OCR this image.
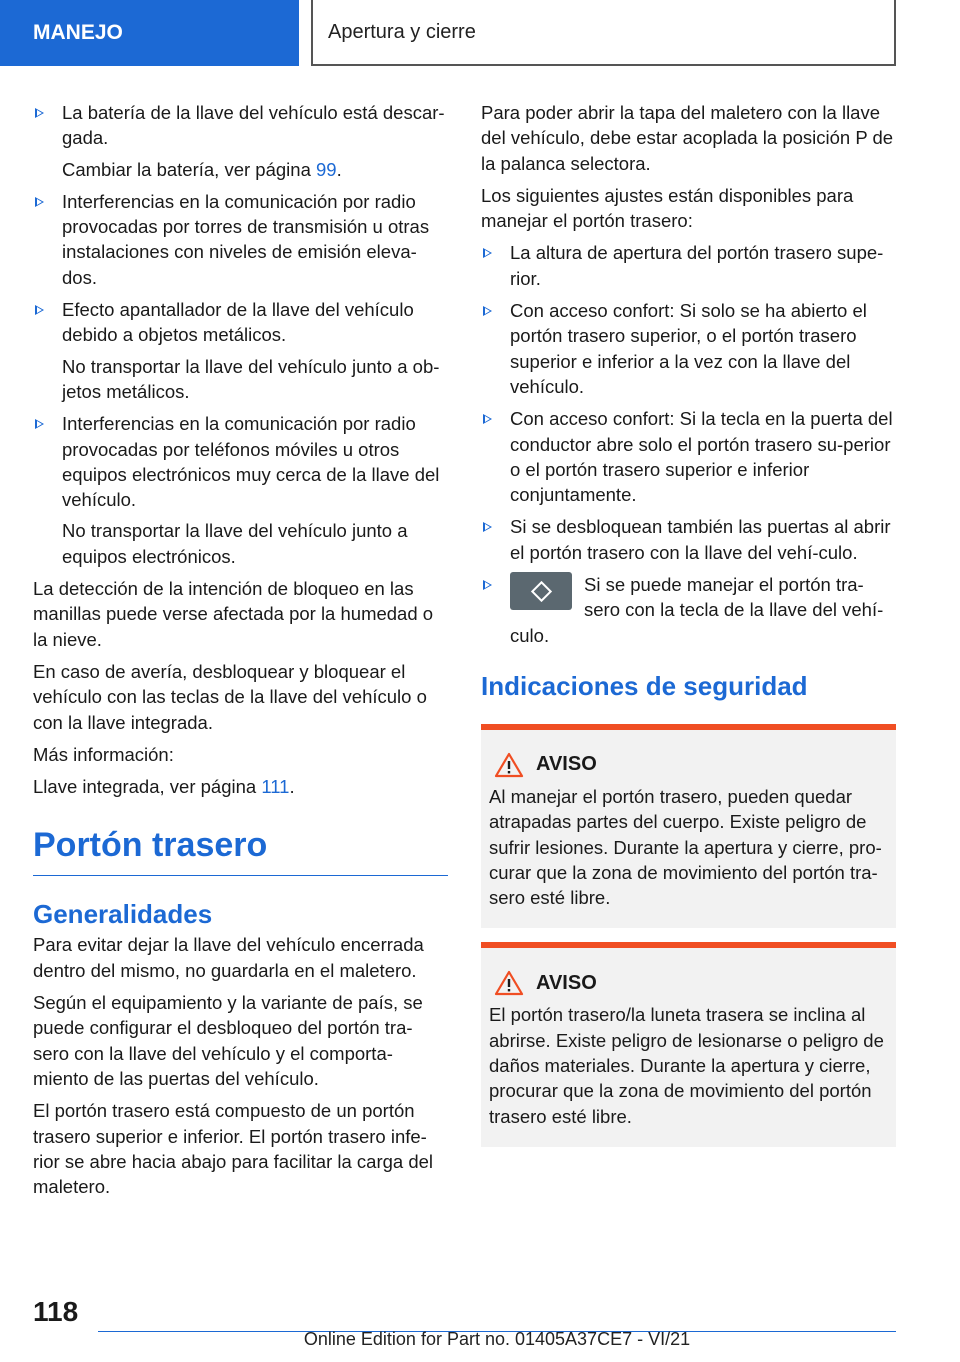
MANEJO	Apertura y cierre
La batería de la llave del vehículo está descar-gada.
Cambiar la batería, ver página 99.
Interferencias en la comunicación por radio provocadas por torres de transmisión u otras instalaciones con niveles de emisión eleva-dos.
Efecto apantallador de la llave del vehículo debido a objetos metálicos.
No transportar la llave del vehículo junto a ob-jetos metálicos.
Interferencias en la comunicación por radio provocadas por teléfonos móviles u otros equipos electrónicos muy cerca de la llave del vehículo.
No transportar la llave del vehículo junto a equipos electrónicos.

La detección de la intención de bloqueo en las manillas puede verse afectada por la humedad o la nieve.

En caso de avería, desbloquear y bloquear el vehículo con las teclas de la llave del vehículo o con la llave integrada.

Más información:

Llave integrada, ver página 111.

Portón trasero
Generalidades

Para evitar dejar la llave del vehículo encerrada dentro del mismo, no guardarla en el maletero.

Según el equipamiento y la variante de país, se puede configurar el desbloqueo del portón tra-sero con la llave del vehículo y el comporta-miento de las puertas del vehículo.

El portón trasero está compuesto de un portón trasero superior e inferior. El portón trasero infe-rior se abre hacia abajo para facilitar la carga del maletero.

Para poder abrir la tapa del maletero con la llave del vehículo, debe estar acoplada la posición P de la palanca selectora.

Los siguientes ajustes están disponibles para manejar el portón trasero:

La altura de apertura del portón trasero supe-rior.
Con acceso confort: Si solo se ha abierto el portón trasero superior, o el portón trasero superior e inferior a la vez con la llave del vehículo.
Con acceso confort: Si la tecla en la puerta del conductor abre solo el portón trasero su-perior o el portón trasero superior e inferior conjuntamente.
Si se desbloquean también las puertas al abrir el portón trasero con la llave del vehí-culo.
Si se puede manejar el portón tra-sero con la tecla de la llave del vehí-culo.
Indicaciones de seguridad
AVISO
Al manejar el portón trasero, pueden quedar atrapadas partes del cuerpo. Existe peligro de sufrir lesiones. Durante la apertura y cierre, pro-curar que la zona de movimiento del portón tra-sero esté libre.
AVISO
El portón trasero/la luneta trasera se inclina al abrirse. Existe peligro de lesionarse o peligro de daños materiales. Durante la apertura y cierre, procurar que la zona de movimiento del portón trasero esté libre.
118
Online Edition for Part no. 01405A37CE7 - VI/21
